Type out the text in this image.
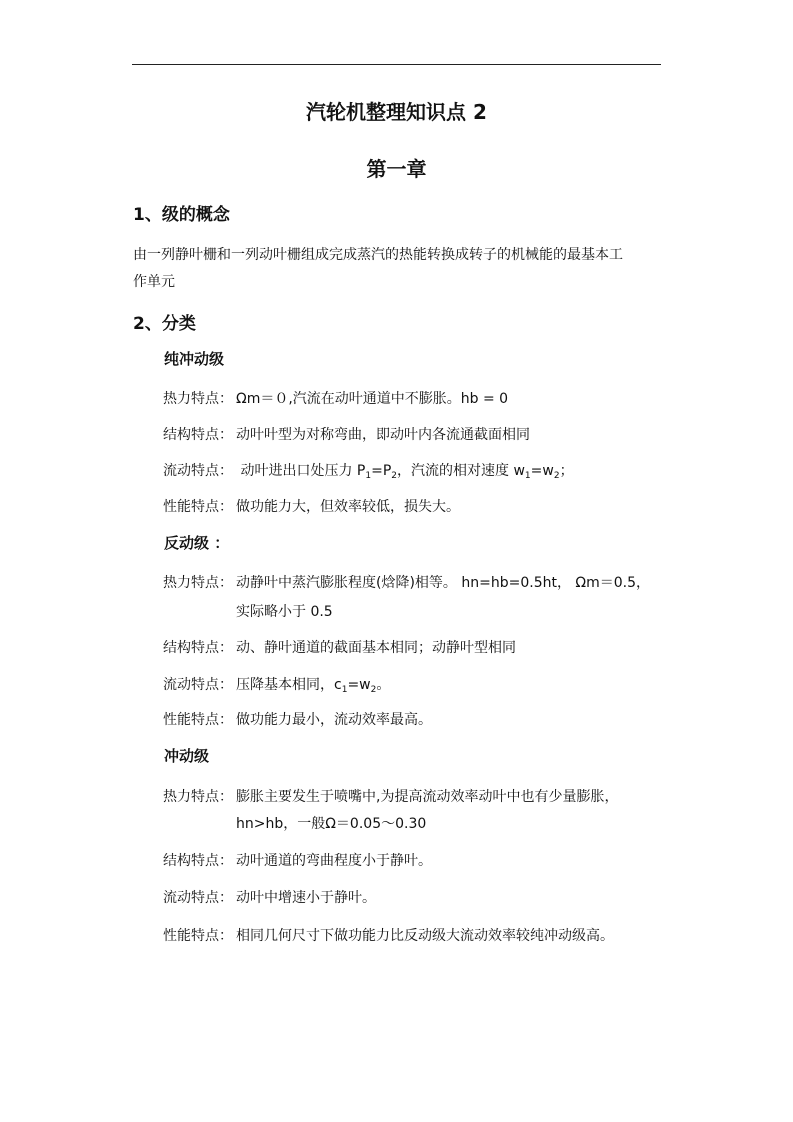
汽轮机整理知识点 2
第一章
1、级的概念
由一列静叶栅和一列动叶栅组成完成蒸汽的热能转换成转子的机械能的最基本工
作单元
2、分类
纯冲动级
热力特点： Ωm＝０,汽流在动叶通道中不膨胀。hb = 0
结构特点： 动叶叶型为对称弯曲，即动叶内各流通截面相同
流动特点： 动叶进出口处压力 $P_1=P_2$，汽流的相对速度 $w_1=w_2$；
性能特点： 做功能力大，但效率较低，损失大。
反动级 ：
热力特点： 动静叶中蒸汽膨胀程度(焓降)相等。 hn=hb=0.5ht， Ωm＝0.5，
实际略小于 0.5
结构特点： 动、静叶通道的截面基本相同；动静叶型相同
流动特点： 压降基本相同，$c_1=w_2$。
性能特点： 做功能力最小，流动效率最高。
冲动级
热力特点： 膨胀主要发生于喷嘴中,为提高流动效率动叶中也有少量膨胀，
hn>hb，一般Ω＝0.05～0.30
结构特点： 动叶通道的弯曲程度小于静叶。
流动特点： 动叶中增速小于静叶。
性能特点： 相同几何尺寸下做功能力比反动级大流动效率较纯冲动级高。
